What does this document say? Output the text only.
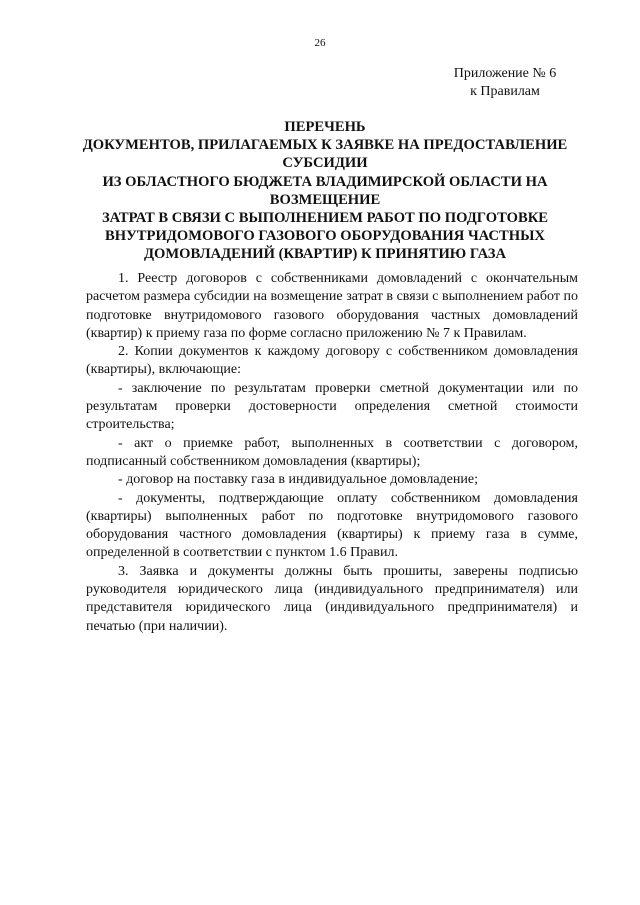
26
Приложение № 6
к Правилам
ПЕРЕЧЕНЬ
ДОКУМЕНТОВ, ПРИЛАГАЕМЫХ К ЗАЯВКЕ НА ПРЕДОСТАВЛЕНИЕ
СУБСИДИИ
ИЗ ОБЛАСТНОГО БЮДЖЕТА ВЛАДИМИРСКОЙ ОБЛАСТИ НА
ВОЗМЕЩЕНИЕ
ЗАТРАТ В СВЯЗИ С ВЫПОЛНЕНИЕМ РАБОТ ПО ПОДГОТОВКЕ
ВНУТРИДОМОВОГО ГАЗОВОГО ОБОРУДОВАНИЯ ЧАСТНЫХ
ДОМОВЛАДЕНИЙ (КВАРТИР) К ПРИНЯТИЮ ГАЗА

1. Реестр договоров с собственниками домовладений с окончательным расчетом размера субсидии на возмещение затрат в связи с выполнением работ по подготовке внутридомового газового оборудования частных домовладений (квартир) к приему газа по форме согласно приложению № 7 к Правилам.

2. Копии документов к каждому договору с собственником домовладения (квартиры), включающие:

- заключение по результатам проверки сметной документации или по результатам проверки достоверности определения сметной стоимости строительства;

- акт о приемке работ, выполненных в соответствии с договором, подписанный собственником домовладения (квартиры);

- договор на поставку газа в индивидуальное домовладение;

- документы, подтверждающие оплату собственником домовладения (квартиры) выполненных работ по подготовке внутридомового газового оборудования частного домовладения (квартиры) к приему газа в сумме, определенной в соответствии с пунктом 1.6 Правил.

3. Заявка и документы должны быть прошиты, заверены подписью руководителя юридического лица (индивидуального предпринимателя) или представителя юридического лица (индивидуального предпринимателя) и печатью (при наличии).
